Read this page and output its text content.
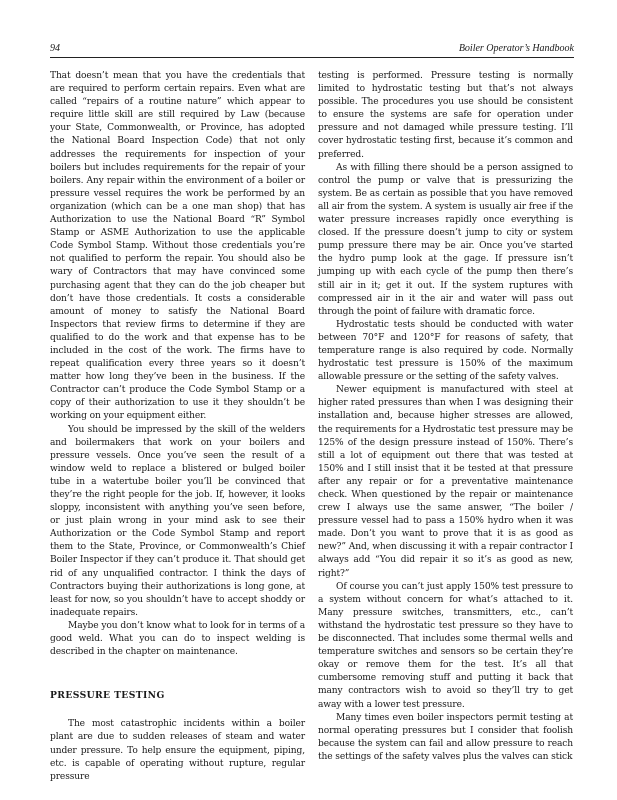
94	Boiler Operator’s Handbook

That doesn’t mean that you have the credentials that are required to perform certain repairs. Even what are called “repairs of a routine nature” which appear to require little skill are still required by Law (because your State, Commonwealth, or Province, has adopted the National Board Inspection Code) that not only addresses the requirements for inspection of your boilers but includes requirements for the repair of your boilers. Any repair within the environment of a boiler or pressure vessel requires the work be performed by an organization (which can be a one man shop) that has Authorization to use the National Board “R” Symbol Stamp or ASME Authorization to use the applicable Code Symbol Stamp. Without those credentials you’re not qualified to perform the repair. You should also be wary of Contractors that may have convinced some purchasing agent that they can do the job cheaper but don’t have those credentials. It costs a considerable amount of money to satisfy the National Board Inspectors that review firms to determine if they are qualified to do the work and that expense has to be included in the cost of the work. The firms have to repeat qualification every three years so it doesn’t matter how long they’ve been in the business. If the Contractor can’t produce the Code Symbol Stamp or a copy of their authorization to use it they shouldn’t be working on your equipment either.

You should be impressed by the skill of the welders and boilermakers that work on your boilers and pressure vessels. Once you’ve seen the result of a window weld to replace a blistered or bulged boiler tube in a watertube boiler you’ll be convinced that they’re the right people for the job. If, however, it looks sloppy, inconsistent with anything you’ve seen before, or just plain wrong in your mind ask to see their Authorization or the Code Symbol Stamp and report them to the State, Province, or Commonwealth’s Chief Boiler Inspector if they can’t produce it. That should get rid of any unqualified contractor. I think the days of Contractors buying their authorizations is long gone, at least for now, so you shouldn’t have to accept shoddy or inadequate repairs.

Maybe you don’t know what to look for in terms of a good weld. What you can do to inspect welding is described in the chapter on maintenance.

PRESSURE TESTING

The most catastrophic incidents within a boiler plant are due to sudden releases of steam and water under pressure. To help ensure the equipment, piping, etc. is capable of operating without rupture, regular pressure

testing is performed. Pressure testing is normally limited to hydrostatic testing but that’s not always possible. The procedures you use should be consistent to ensure the systems are safe for operation under pressure and not damaged while pressure testing. I’ll cover hydrostatic testing first, because it’s common and preferred.

As with filling there should be a person assigned to control the pump or valve that is pressurizing the system. Be as certain as possible that you have removed all air from the system. A system is usually air free if the water pressure increases rapidly once everything is closed. If the pressure doesn’t jump to city or system pump pressure there may be air. Once you’ve started the hydro pump look at the gage. If pressure isn’t jumping up with each cycle of the pump then there’s still air in it; get it out. If the system ruptures with compressed air in it the air and water will pass out through the point of failure with dramatic force.

Hydrostatic tests should be conducted with water between 70°F and 120°F for reasons of safety, that temperature range is also required by code. Normally hydrostatic test pressure is 150% of the maximum allowable pressure or the setting of the safety valves.

Newer equipment is manufactured with steel at higher rated pressures than when I was designing their installation and, because higher stresses are allowed, the requirements for a Hydrostatic test pressure may be 125% of the design pressure instead of 150%. There’s still a lot of equipment out there that was tested at 150% and I still insist that it be tested at that pressure after any repair or for a preventative maintenance check. When questioned by the repair or maintenance crew I always use the same answer, “The boiler / pressure vessel had to pass a 150% hydro when it was made. Don’t you want to prove that it is as good as new?” And, when discussing it with a repair contractor I always add “You did repair it so it’s as good as new, right?”

Of course you can’t just apply 150% test pressure to a system without concern for what’s attached to it. Many pressure switches, transmitters, etc., can’t withstand the hydrostatic test pressure so they have to be disconnected. That includes some thermal wells and temperature switches and sensors so be certain they’re okay or remove them for the test. It’s all that cumbersome removing stuff and putting it back that many contractors wish to avoid so they’ll try to get away with a lower test pressure.

Many times even boiler inspectors permit testing at normal operating pressures but I consider that foolish because the system can fail and allow pressure to reach the settings of the safety valves plus the valves can stick
